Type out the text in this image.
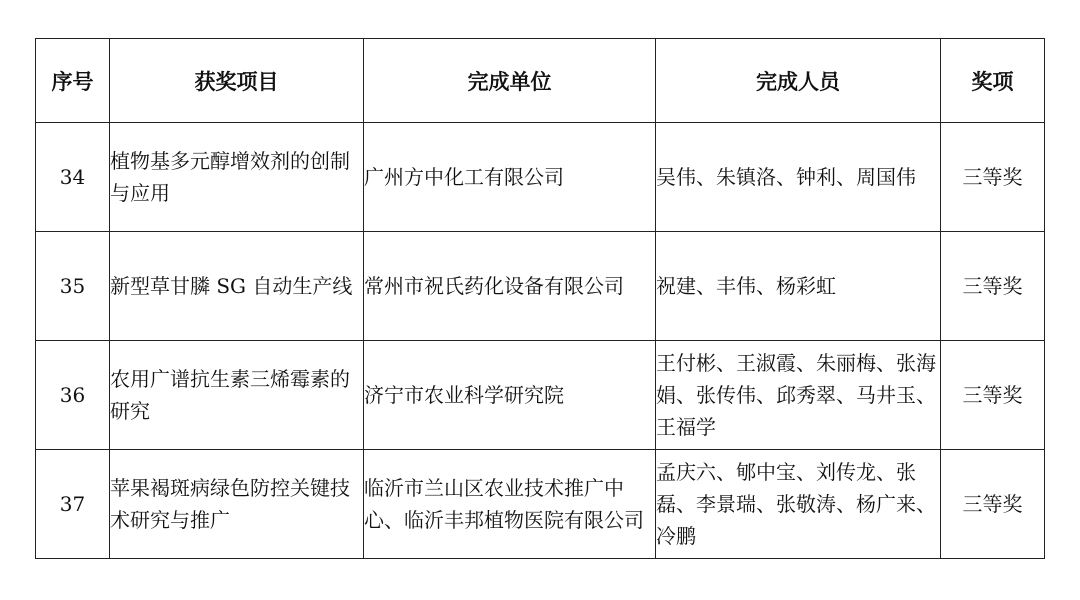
序号	获奖项目	完成单位	完成人员	奖项
34	植物基多元醇增效剂的创制与应用	广州方中化工有限公司	吴伟、朱镇洛、钟利、周国伟	三等奖
35	新型草甘膦 SG 自动生产线	常州市祝氏药化设备有限公司	祝建、丰伟、杨彩虹	三等奖
36	农用广谱抗生素三烯霉素的研究	济宁市农业科学研究院	王付彬、王淑霞、朱丽梅、张海娟、张传伟、邱秀翠、马井玉、王福学	三等奖
37	苹果褐斑病绿色防控关键技术研究与推广	临沂市兰山区农业技术推广中心、临沂丰邦植物医院有限公司	孟庆六、郇中宝、刘传龙、张磊、李景瑞、张敬涛、杨广来、冷鹏	三等奖
